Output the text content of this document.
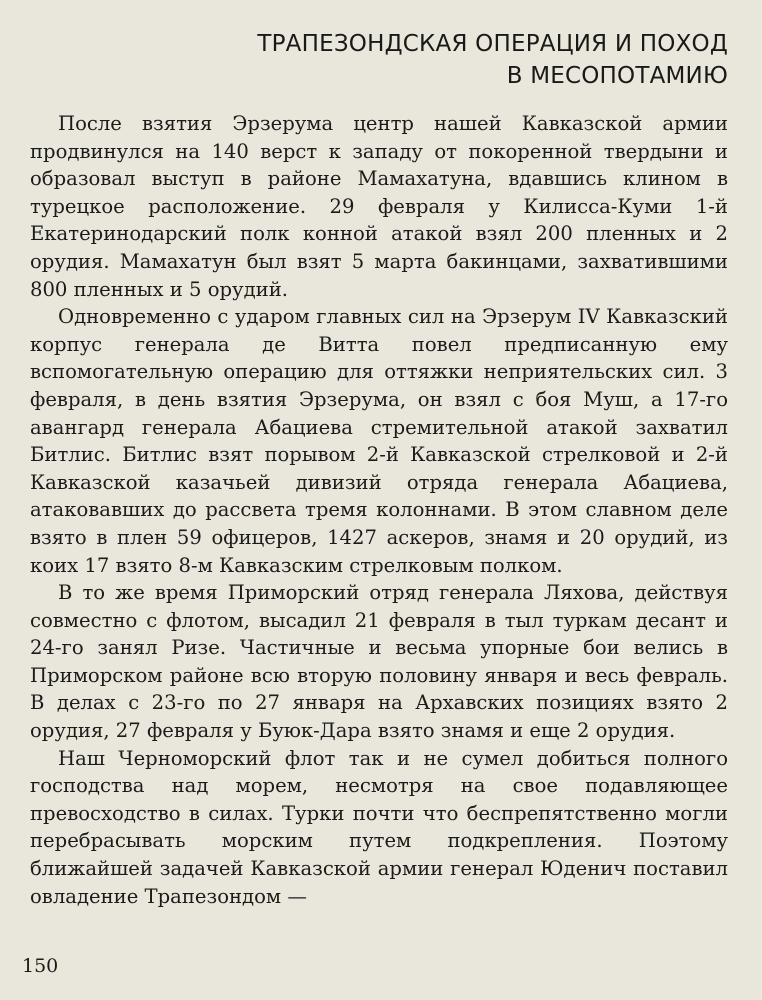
ТРАПЕЗОНДСКАЯ ОПЕРАЦИЯ И ПОХОД
В МЕСОПОТАМИЮ

После взятия Эрзерума центр нашей Кавказской армии продвинулся на 140 верст к западу от покоренной твердыни и образовал выступ в районе Мамахатуна, вдавшись клином в турецкое расположение. 29 февраля у Килисса-Куми 1-й Екатеринодарский полк конной атакой взял 200 пленных и 2 орудия. Мамахатун был взят 5 марта бакинцами, захватившими 800 пленных и 5 орудий.

Одновременно с ударом главных сил на Эрзерум IV Кавказский корпус генерала де Витта повел предписанную ему вспомогательную операцию для оттяжки неприятельских сил. 3 февраля, в день взятия Эрзерума, он взял с боя Муш, а 17-го авангард генерала Абациева стремительной атакой захватил Битлис. Битлис взят порывом 2-й Кавказской стрелковой и 2-й Кавказской казачьей дивизий отряда генерала Абациева, атаковавших до рассвета тремя колоннами. В этом славном деле взято в плен 59 офицеров, 1427 аскеров, знамя и 20 орудий, из коих 17 взято 8-м Кавказским стрелковым полком.

В то же время Приморский отряд генерала Ляхова, действуя совместно с флотом, высадил 21 февраля в тыл туркам десант и 24-го занял Ризе. Частичные и весьма упорные бои велись в Приморском районе всю вторую половину января и весь февраль. В делах с 23-го по 27 января на Архавских позициях взято 2 орудия, 27 февраля у Буюк-Дара взято знамя и еще 2 орудия.

Наш Черноморский флот так и не сумел добиться полного господства над морем, несмотря на свое подавляющее превосходство в силах. Турки почти что беспрепятственно могли перебрасывать морским путем подкрепления. Поэтому ближайшей задачей Кавказской армии генерал Юденич поставил овладение Трапезондом —

150
